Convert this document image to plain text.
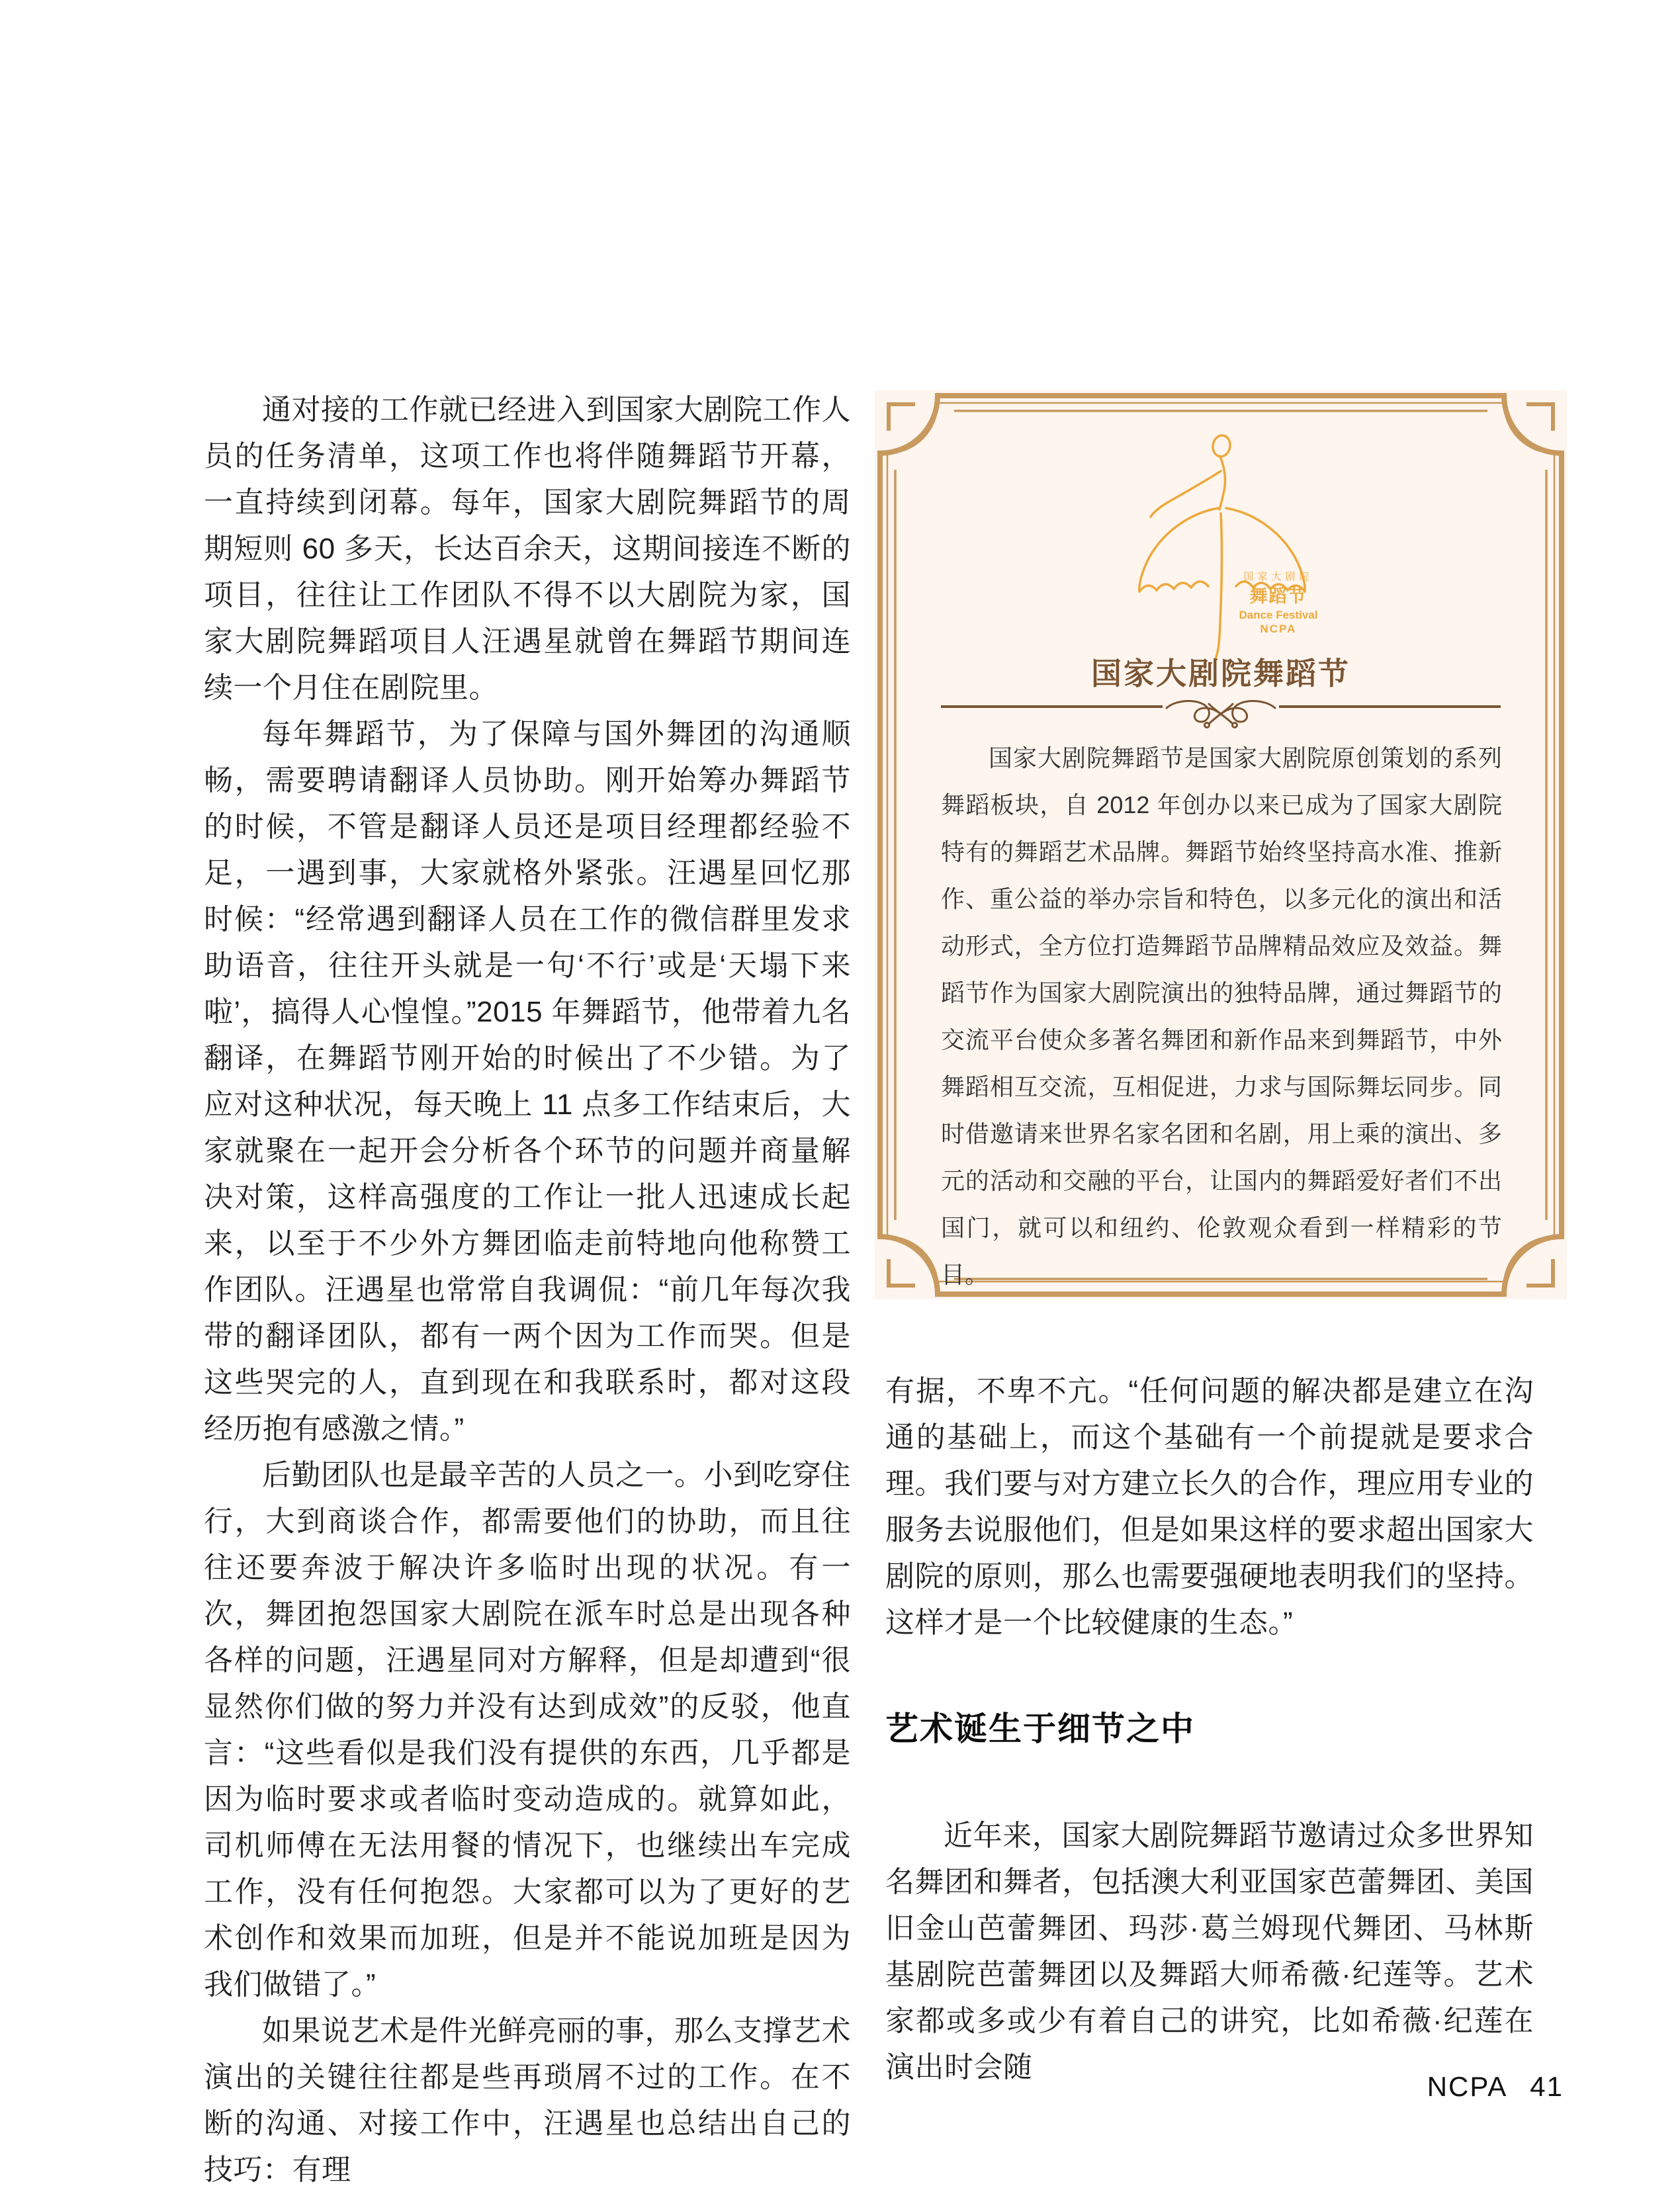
通对接的工作就已经进入到国家大剧院工作人员的任务清单，这项工作也将伴随舞蹈节开幕，一直持续到闭幕。每年，国家大剧院舞蹈节的周期短则 60 多天，长达百余天，这期间接连不断的项目，往往让工作团队不得不以大剧院为家，国家大剧院舞蹈项目人汪遇星就曾在舞蹈节期间连续一个月住在剧院里。

每年舞蹈节，为了保障与国外舞团的沟通顺畅，需要聘请翻译人员协助。刚开始筹办舞蹈节的时候，不管是翻译人员还是项目经理都经验不足，一遇到事，大家就格外紧张。汪遇星回忆那时候：“经常遇到翻译人员在工作的微信群里发求助语音，往往开头就是一句‘不行’或是‘天塌下来啦’，搞得人心惶惶。”2015 年舞蹈节，他带着九名翻译，在舞蹈节刚开始的时候出了不少错。为了应对这种状况，每天晚上 11 点多工作结束后，大家就聚在一起开会分析各个环节的问题并商量解决对策，这样高强度的工作让一批人迅速成长起来，以至于不少外方舞团临走前特地向他称赞工作团队。汪遇星也常常自我调侃：“前几年每次我带的翻译团队，都有一两个因为工作而哭。但是这些哭完的人，直到现在和我联系时，都对这段经历抱有感激之情。”

后勤团队也是最辛苦的人员之一。小到吃穿住行，大到商谈合作，都需要他们的协助，而且往往还要奔波于解决许多临时出现的状况。有一次，舞团抱怨国家大剧院在派车时总是出现各种各样的问题，汪遇星同对方解释，但是却遭到“很显然你们做的努力并没有达到成效”的反驳，他直言：“这些看似是我们没有提供的东西，几乎都是因为临时要求或者临时变动造成的。就算如此，司机师傅在无法用餐的情况下，也继续出车完成工作，没有任何抱怨。大家都可以为了更好的艺术创作和效果而加班，但是并不能说加班是因为我们做错了。”

如果说艺术是件光鲜亮丽的事，那么支撑艺术演出的关键往往都是些再琐屑不过的工作。在不断的沟通、对接工作中，汪遇星也总结出自己的技巧：有理

国家大剧院
舞蹈节
Dance Festival
NCPA
国家大剧院舞蹈节

国家大剧院舞蹈节是国家大剧院原创策划的系列舞蹈板块，自 2012 年创办以来已成为了国家大剧院特有的舞蹈艺术品牌。舞蹈节始终坚持高水准、推新作、重公益的举办宗旨和特色，以多元化的演出和活动形式，全方位打造舞蹈节品牌精品效应及效益。舞蹈节作为国家大剧院演出的独特品牌，通过舞蹈节的交流平台使众多著名舞团和新作品来到舞蹈节，中外舞蹈相互交流，互相促进，力求与国际舞坛同步。同时借邀请来世界名家名团和名剧，用上乘的演出、多元的活动和交融的平台，让国内的舞蹈爱好者们不出国门，就可以和纽约、伦敦观众看到一样精彩的节目。

有据，不卑不亢。“任何问题的解决都是建立在沟通的基础上，而这个基础有一个前提就是要求合理。我们要与对方建立长久的合作，理应用专业的服务去说服他们，但是如果这样的要求超出国家大剧院的原则，那么也需要强硬地表明我们的坚持。这样才是一个比较健康的生态。”

艺术诞生于细节之中

近年来，国家大剧院舞蹈节邀请过众多世界知名舞团和舞者，包括澳大利亚国家芭蕾舞团、美国旧金山芭蕾舞团、玛莎·葛兰姆现代舞团、马林斯基剧院芭蕾舞团以及舞蹈大师希薇·纪莲等。艺术家都或多或少有着自己的讲究，比如希薇·纪莲在演出时会随

NCPA 41
